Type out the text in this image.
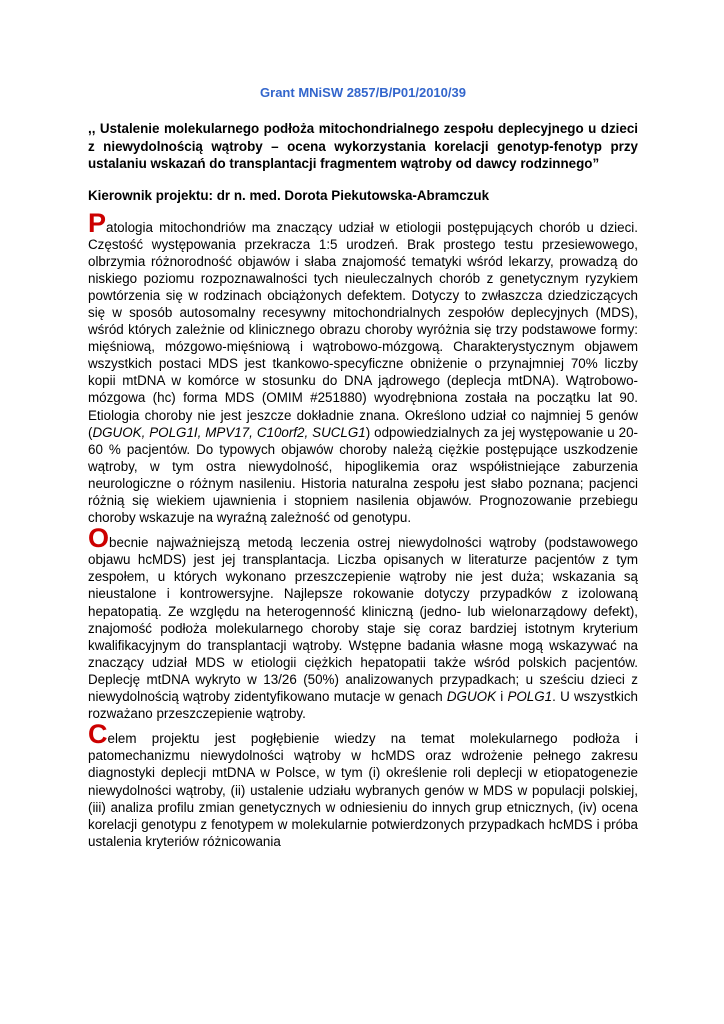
Grant MNiSW 2857/B/P01/2010/39
,, Ustalenie molekularnego podłoża mitochondrialnego zespołu deplecyjnego u dzieci z niewydolnością wątroby – ocena wykorzystania korelacji genotyp-fenotyp przy ustalaniu wskazań do transplantacji fragmentem wątroby od dawcy rodzinnego”
Kierownik projektu: dr n. med. Dorota Piekutowska-Abramczuk

Patologia mitochondriów ma znaczący udział w etiologii postępujących chorób u dzieci. Częstość występowania przekracza 1:5 urodzeń. Brak prostego testu przesiewowego, olbrzymia różnorodność objawów i słaba znajomość tematyki wśród lekarzy, prowadzą do niskiego poziomu rozpoznawalności tych nieuleczalnych chorób z genetycznym ryzykiem powtórzenia się w rodzinach obciążonych defektem. Dotyczy to zwłaszcza dziedziczących się w sposób autosomalny recesywny mitochondrialnych zespołów deplecyjnych (MDS), wśród których zależnie od klinicznego obrazu choroby wyróżnia się trzy podstawowe formy: mięśniową, mózgowo-mięśniową i wątrobowo-mózgową. Charakterystycznym objawem wszystkich postaci MDS jest tkankowo-specyficzne obniżenie o przynajmniej 70% liczby kopii mtDNA w komórce w stosunku do DNA jądrowego (deplecja mtDNA). Wątrobowo-mózgowa (hc) forma MDS (OMIM #251880) wyodrębniona została na początku lat 90. Etiologia choroby nie jest jeszcze dokładnie znana. Określono udział co najmniej 5 genów (DGUOK, POLG1I, MPV17, C10orf2, SUCLG1) odpowiedzialnych za jej występowanie u 20-60 % pacjentów. Do typowych objawów choroby należą ciężkie postępujące uszkodzenie wątroby, w tym ostra niewydolność, hipoglikemia oraz współistniejące zaburzenia neurologiczne o różnym nasileniu. Historia naturalna zespołu jest słabo poznana; pacjenci różnią się wiekiem ujawnienia i stopniem nasilenia objawów. Prognozowanie przebiegu choroby wskazuje na wyraźną zależność od genotypu.

Obecnie najważniejszą metodą leczenia ostrej niewydolności wątroby (podstawowego objawu hcMDS) jest jej transplantacja. Liczba opisanych w literaturze pacjentów z tym zespołem, u których wykonano przeszczepienie wątroby nie jest duża; wskazania są nieustalone i kontrowersyjne. Najlepsze rokowanie dotyczy przypadków z izolowaną hepatopatią. Ze względu na heterogenność kliniczną (jedno- lub wielonarządowy defekt), znajomość podłoża molekularnego choroby staje się coraz bardziej istotnym kryterium kwalifikacyjnym do transplantacji wątroby. Wstępne badania własne mogą wskazywać na znaczący udział MDS w etiologii ciężkich hepatopatii także wśród polskich pacjentów. Deplecję mtDNA wykryto w 13/26 (50%) analizowanych przypadkach; u sześciu dzieci z niewydolnością wątroby zidentyfikowano mutacje w genach DGUOK i POLG1. U wszystkich rozważano przeszczepienie wątroby.

Celem projektu jest pogłębienie wiedzy na temat molekularnego podłoża i patomechanizmu niewydolności wątroby w hcMDS oraz wdrożenie pełnego zakresu diagnostyki deplecji mtDNA w Polsce, w tym (i) określenie roli deplecji w etiopatogenezie niewydolności wątroby, (ii) ustalenie udziału wybranych genów w MDS w populacji polskiej, (iii) analiza profilu zmian genetycznych w odniesieniu do innych grup etnicznych, (iv) ocena korelacji genotypu z fenotypem w molekularnie potwierdzonych przypadkach hcMDS i próba ustalenia kryteriów różnicowania
